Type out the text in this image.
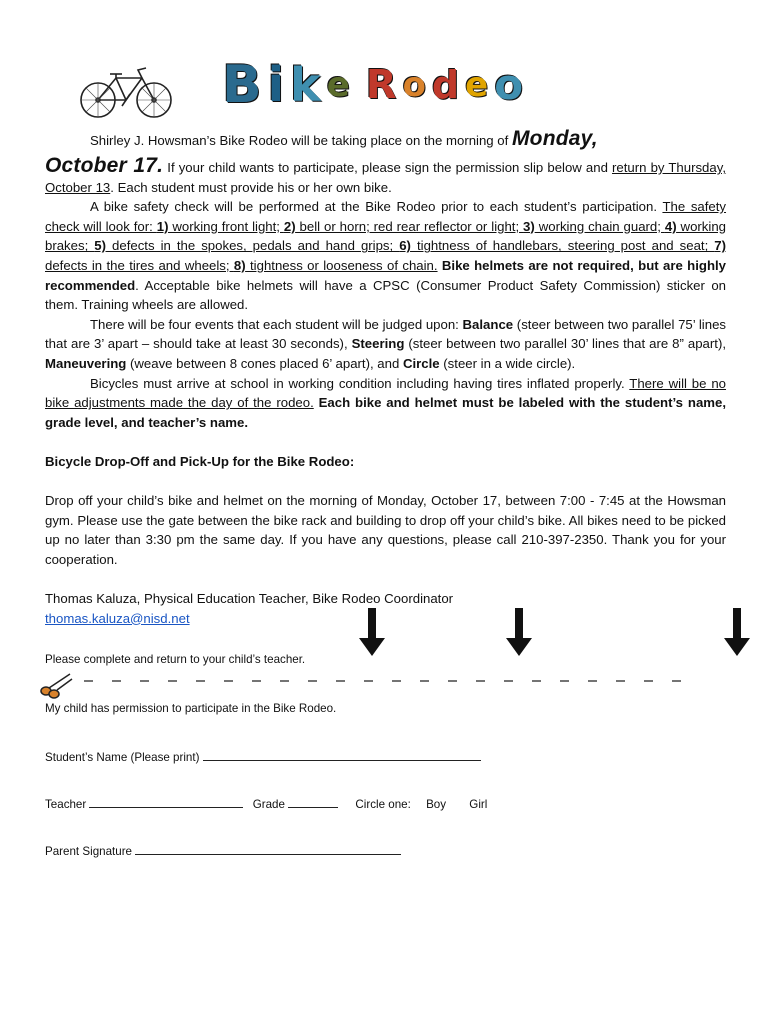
B i k e R o d e o

Shirley J. Howsman’s Bike Rodeo will be taking place on the morning of Monday,

October 17. If your child wants to participate, please sign the permission slip below and return by Thursday, October 13. Each student must provide his or her own bike.

A bike safety check will be performed at the Bike Rodeo prior to each student’s participation. The safety check will look for: 1) working front light; 2) bell or horn; red rear reflector or light; 3) working chain guard; 4) working brakes; 5) defects in the spokes, pedals and hand grips; 6) tightness of handlebars, steering post and seat; 7) defects in the tires and wheels; 8) tightness or looseness of chain. Bike helmets are not required, but are highly recommended. Acceptable bike helmets will have a CPSC (Consumer Product Safety Commission) sticker on them. Training wheels are allowed.

There will be four events that each student will be judged upon: Balance (steer between two parallel 75’ lines that are 3’ apart – should take at least 30 seconds), Steering (steer between two parallel 30’ lines that are 8” apart), Maneuvering (weave between 8 cones placed 6’ apart), and Circle (steer in a wide circle).

Bicycles must arrive at school in working condition including having tires inflated properly. There will be no bike adjustments made the day of the rodeo. Each bike and helmet must be labeled with the student’s name, grade level, and teacher’s name.

Bicycle Drop-Off and Pick-Up for the Bike Rodeo:

Drop off your child’s bike and helmet on the morning of Monday, October 17, between 7:00 - 7:45 at the Howsman gym. Please use the gate between the bike rack and building to drop off your child’s bike. All bikes need to be picked up no later than 3:30 pm the same day. If you have any questions, please call 210-397-2350. Thank you for your cooperation.

Thomas Kaluza, Physical Education Teacher, Bike Rodeo Coordinator

thomas.kaluza@nisd.net

Please complete and return to your child’s teacher.
My child has permission to participate in the Bike Rodeo.
Student’s Name (Please print)
Teacher	Grade	Circle one: Boy Girl
Parent Signature
